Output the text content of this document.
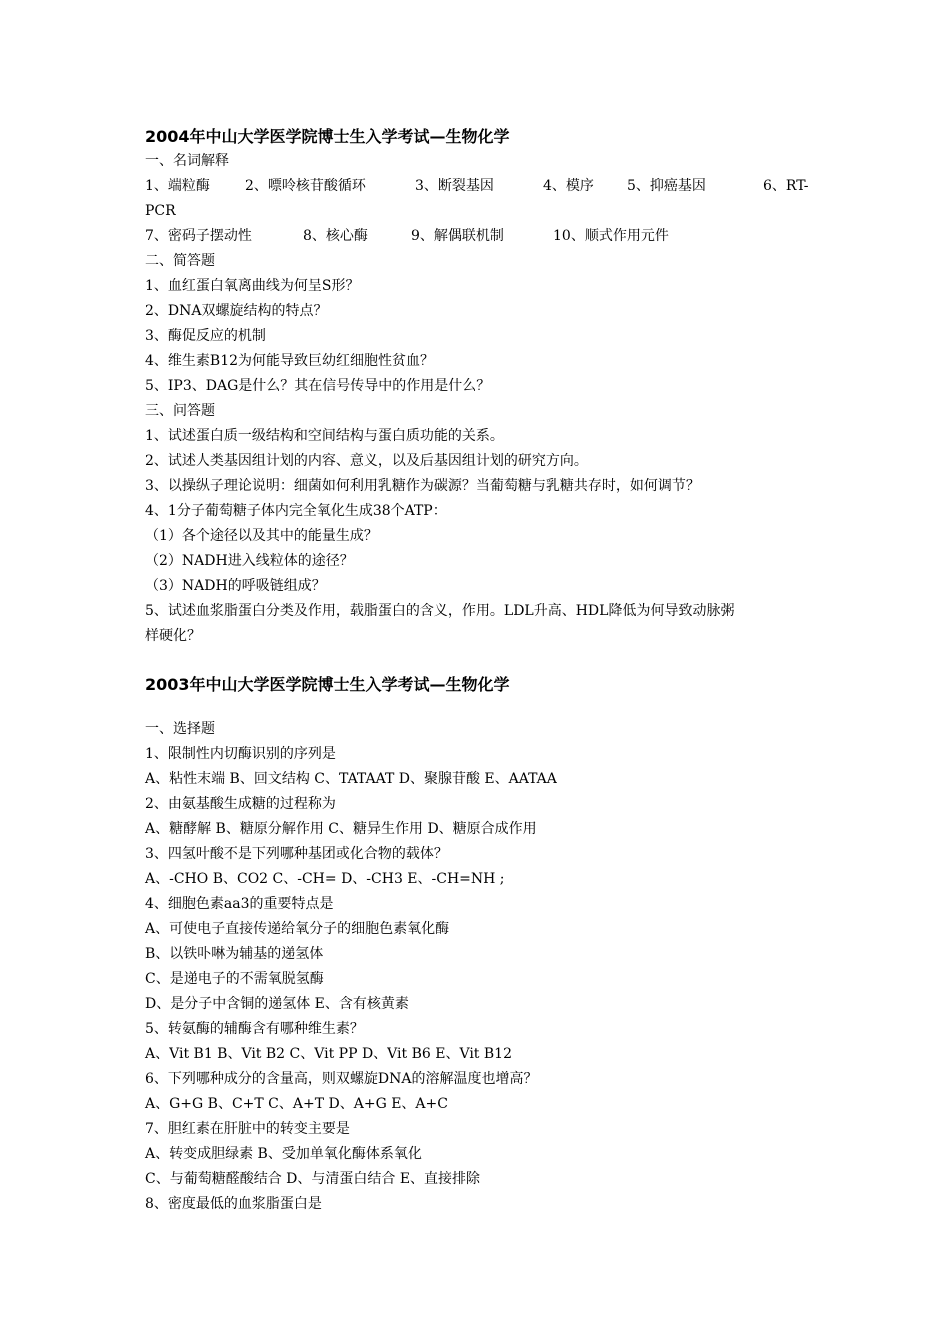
2004年中山大学医学院博士生入学考试—生物化学
一、名词解释
1、端粒酶	2、嘌呤核苷酸循环	3、断裂基因	4、模序 5、抑癌基因	6、RT-
PCR
7、密码子摆动性	8、核心酶	9、解偶联机制	10、顺式作用元件
二、简答题
1、血红蛋白氧离曲线为何呈S形？
2、DNA双螺旋结构的特点？
3、酶促反应的机制
4、维生素B12为何能导致巨幼红细胞性贫血？
5、IP3、DAG是什么？其在信号传导中的作用是什么？
三、问答题
1、试述蛋白质一级结构和空间结构与蛋白质功能的关系。
2、试述人类基因组计划的内容、意义，以及后基因组计划的研究方向。
3、以操纵子理论说明：细菌如何利用乳糖作为碳源？当葡萄糖与乳糖共存时，如何调节？
4、1分子葡萄糖子体内完全氧化生成38个ATP：
（1）各个途径以及其中的能量生成？
（2）NADH进入线粒体的途径？
（3）NADH的呼吸链组成？
5、试述血浆脂蛋白分类及作用，载脂蛋白的含义，作用。LDL升高、HDL降低为何导致动脉粥
样硬化？
2003年中山大学医学院博士生入学考试—生物化学
一、选择题
1、限制性内切酶识别的序列是
A、粘性末端 B、回文结构 C、TATAAT D、聚腺苷酸 E、AATAA
2、由氨基酸生成糖的过程称为
A、糖酵解 B、糖原分解作用 C、糖异生作用 D、糖原合成作用
3、四氢叶酸不是下列哪种基团或化合物的载体？
A、-CHO B、CO2 C、-CH= D、-CH3 E、-CH=NH ;
4、细胞色素aa3的重要特点是
A、可使电子直接传递给氧分子的细胞色素氧化酶
B、以铁卟啉为辅基的递氢体
C、是递电子的不需氧脱氢酶
D、是分子中含铜的递氢体 E、含有核黄素
5、转氨酶的辅酶含有哪种维生素？
A、Vit B1 B、Vit B2 C、Vit PP D、Vit B6 E、Vit B12
6、下列哪种成分的含量高，则双螺旋DNA的溶解温度也增高？
A、G+G B、C+T C、A+T D、A+G E、A+C
7、胆红素在肝脏中的转变主要是
A、转变成胆绿素 B、受加单氧化酶体系氧化
C、与葡萄糖醛酸结合 D、与清蛋白结合 E、直接排除
8、密度最低的血浆脂蛋白是
